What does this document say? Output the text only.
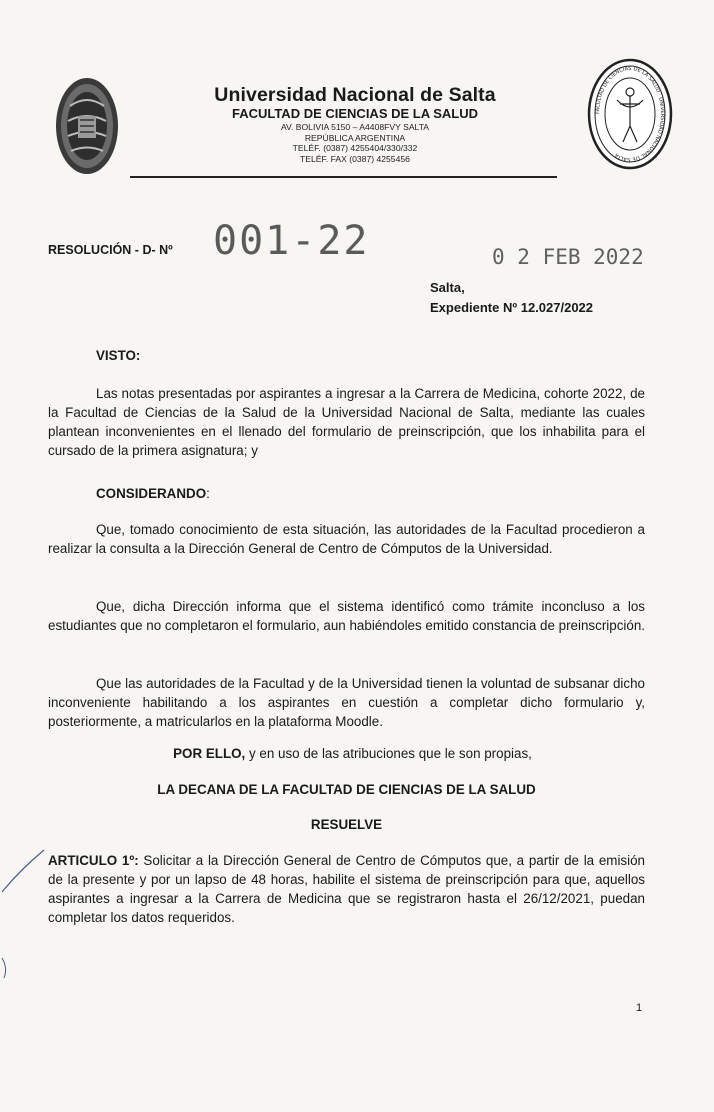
Universidad Nacional de Salta
FACULTAD DE CIENCIAS DE LA SALUD
AV. BOLIVIA 5150 – A4408FVY SALTA
REPÚBLICA ARGENTINA
TELÉF. (0387) 4255404/330/332
TELÉF. FAX (0387) 4255456
FACULTAD DE CIENCIAS DE LA SALUD · UNIVERSIDAD NACIONAL DE SALTA
RESOLUCIÓN - D- Nº 001-22	0 2 FEB 2022
Salta,
Expediente Nº 12.027/2022
VISTO:
Las notas presentadas por aspirantes a ingresar a la Carrera de Medicina, cohorte 2022, de la Facultad de Ciencias de la Salud de la Universidad Nacional de Salta, mediante las cuales plantean inconvenientes en el llenado del formulario de preinscripción, que los inhabilita para el cursado de la primera asignatura; y
CONSIDERANDO:
Que, tomado conocimiento de esta situación, las autoridades de la Facultad procedieron a realizar la consulta a la Dirección General de Centro de Cómputos de la Universidad.
Que, dicha Dirección informa que el sistema identificó como trámite inconcluso a los estudiantes que no completaron el formulario, aun habiéndoles emitido constancia de preinscripción.
Que las autoridades de la Facultad y de la Universidad tienen la voluntad de subsanar dicho inconveniente habilitando a los aspirantes en cuestión a completar dicho formulario y, posteriormente, a matricularlos en la plataforma Moodle.
POR ELLO, y en uso de las atribuciones que le son propias,
LA DECANA DE LA FACULTAD DE CIENCIAS DE LA SALUD
RESUELVE
ARTICULO 1º: Solicitar a la Dirección General de Centro de Cómputos que, a partir de la emisión de la presente y por un lapso de 48 horas, habilite el sistema de preinscripción para que, aquellos aspirantes a ingresar a la Carrera de Medicina que se registraron hasta el 26/12/2021, puedan completar los datos requeridos.
1
